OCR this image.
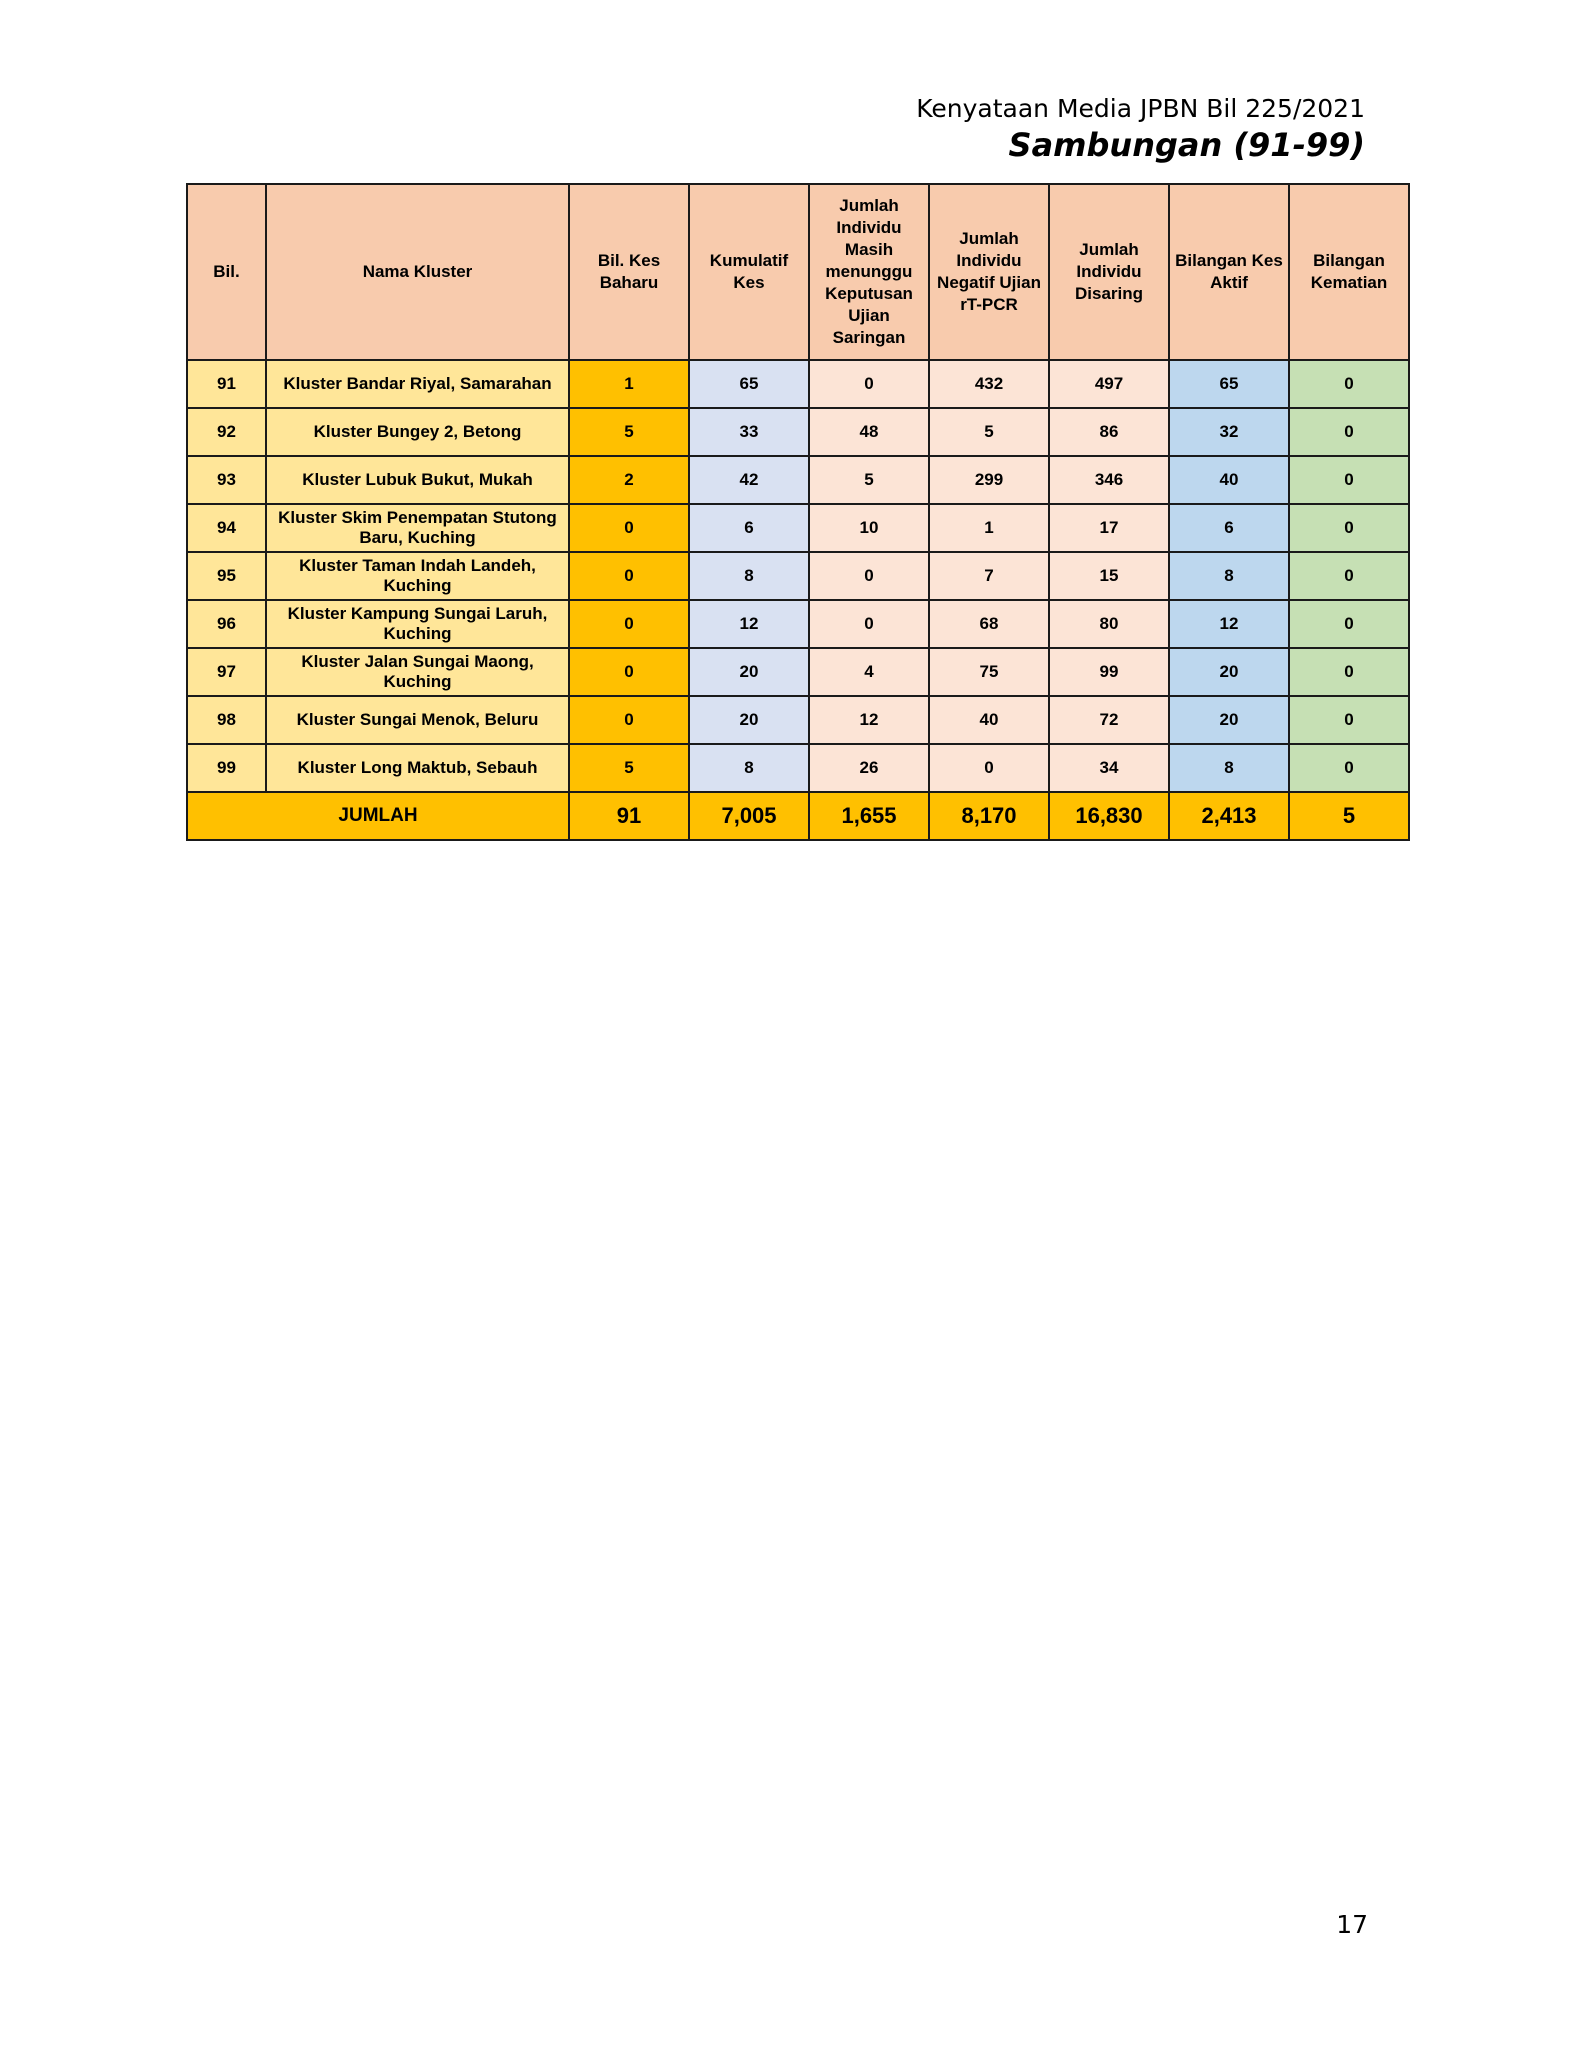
Kenyataan Media JPBN Bil 225/2021
Sambungan (91-99)
Bil.	Nama Kluster	Bil. Kes Baharu	Kumulatif Kes	Jumlah Individu Masih menunggu Keputusan Ujian Saringan	Jumlah Individu Negatif Ujian rT-PCR	Jumlah Individu Disaring	Bilangan Kes Aktif	Bilangan Kematian
91	Kluster Bandar Riyal, Samarahan	1	65	0	432	497	65	0
92	Kluster Bungey 2, Betong	5	33	48	5	86	32	0
93	Kluster Lubuk Bukut, Mukah	2	42	5	299	346	40	0
94	Kluster Skim Penempatan Stutong Baru, Kuching	0	6	10	1	17	6	0
95	Kluster Taman Indah Landeh, Kuching	0	8	0	7	15	8	0
96	Kluster Kampung Sungai Laruh, Kuching	0	12	0	68	80	12	0
97	Kluster Jalan Sungai Maong, Kuching	0	20	4	75	99	20	0
98	Kluster Sungai Menok, Beluru	0	20	12	40	72	20	0
99	Kluster Long Maktub, Sebauh	5	8	26	0	34	8	0
JUMLAH		91	7,005	1,655	8,170	16,830	2,413	5
17
